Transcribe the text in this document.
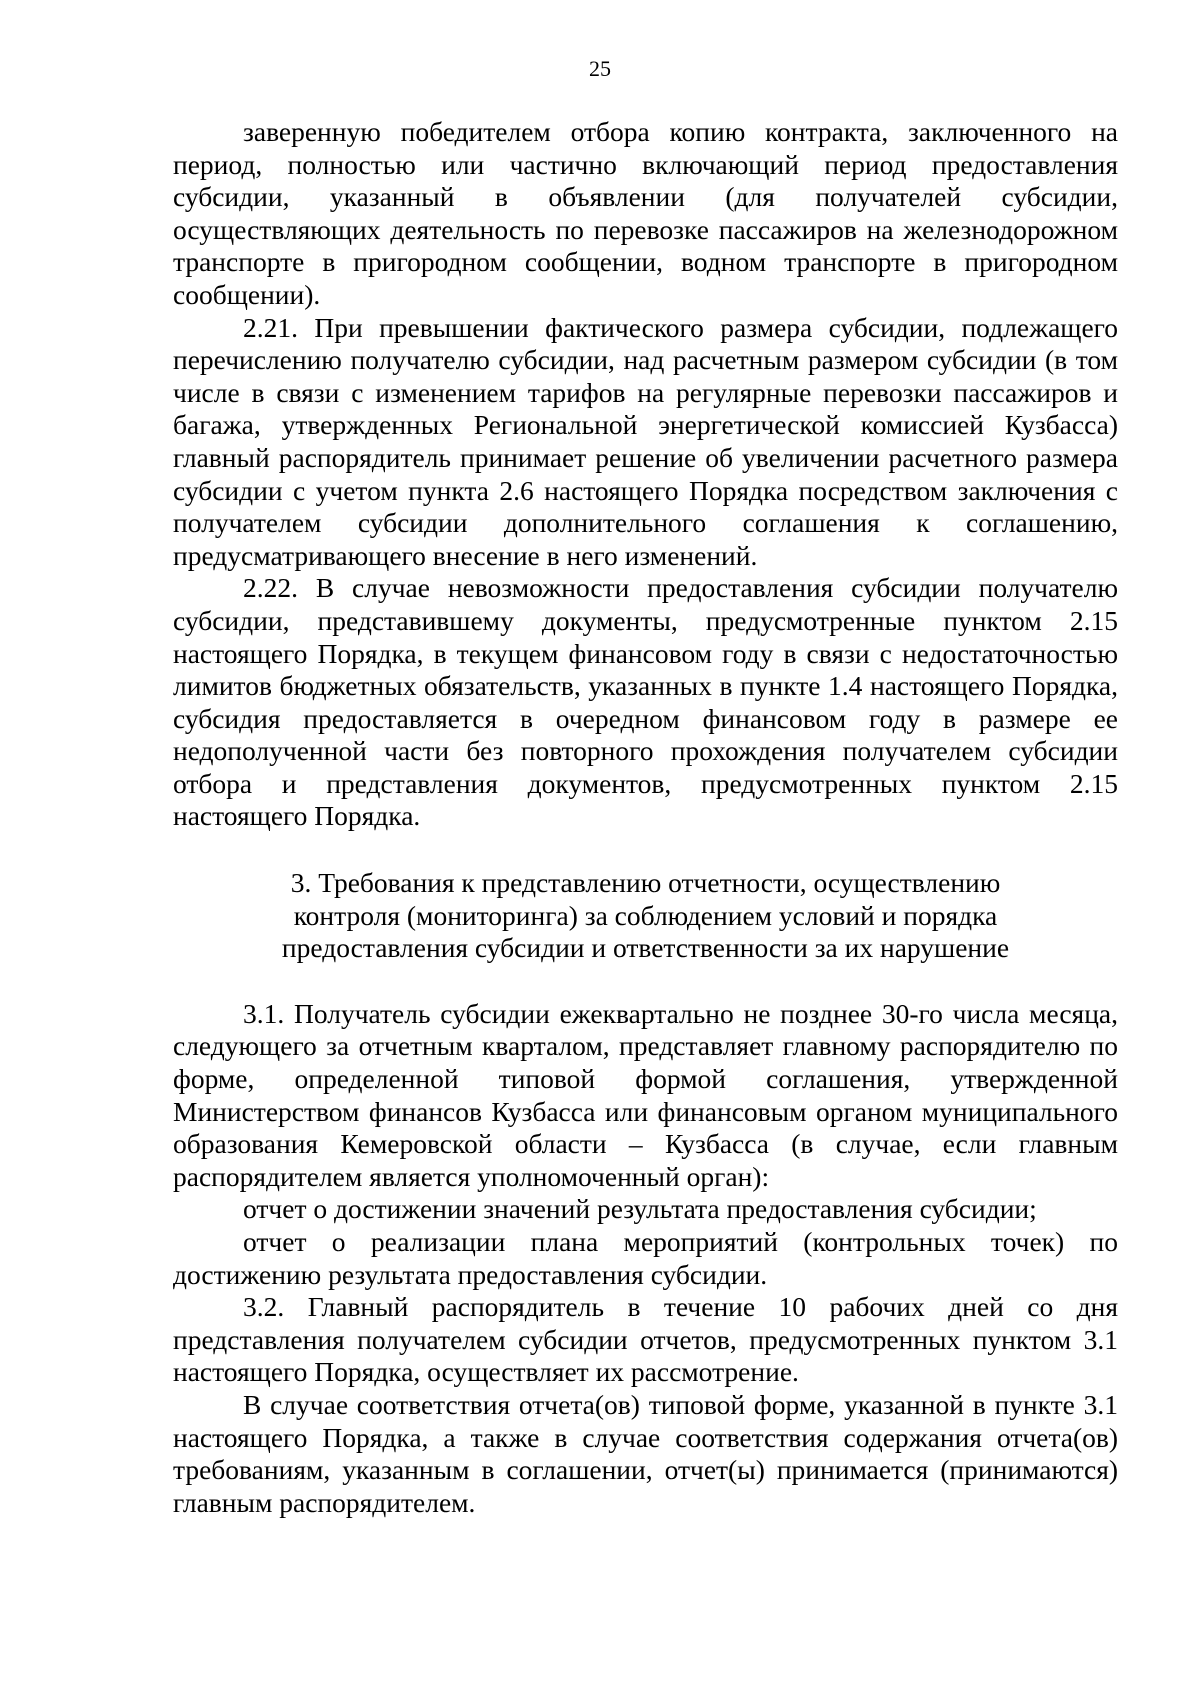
25

заверенную победителем отбора копию контракта, заключенного на период, полностью или частично включающий период предоставления субсидии, указанный в объявлении (для получателей субсидии, осуществляющих деятельность по перевозке пассажиров на железнодорожном транспорте в пригородном сообщении, водном транспорте в пригородном сообщении).

2.21. При превышении фактического размера субсидии, подлежащего перечислению получателю субсидии, над расчетным размером субсидии (в том числе в связи с изменением тарифов на регулярные перевозки пассажиров и багажа, утвержденных Региональной энергетической комиссией Кузбасса) главный распорядитель принимает решение об увеличении расчетного размера субсидии с учетом пункта 2.6 настоящего Порядка посредством заключения с получателем субсидии дополнительного соглашения к соглашению, предусматривающего внесение в него изменений.

2.22. В случае невозможности предоставления субсидии получателю субсидии, представившему документы, предусмотренные пунктом 2.15 настоящего Порядка, в текущем финансовом году в связи с недостаточностью лимитов бюджетных обязательств, указанных в пункте 1.4 настоящего Порядка, субсидия предоставляется в очередном финансовом году в размере ее недополученной части без повторного прохождения получателем субсидии отбора и представления документов, предусмотренных пунктом 2.15 настоящего Порядка.

3. Требования к представлению отчетности, осуществлению
контроля (мониторинга) за соблюдением условий и порядка
предоставления субсидии и ответственности за их нарушение

3.1. Получатель субсидии ежеквартально не позднее 30-го числа месяца, следующего за отчетным кварталом, представляет главному распорядителю по форме, определенной типовой формой соглашения, утвержденной Министерством финансов Кузбасса или финансовым органом муниципального образования Кемеровской области – Кузбасса (в случае, если главным распорядителем является уполномоченный орган):

отчет о достижении значений результата предоставления субсидии;

отчет о реализации плана мероприятий (контрольных точек) по достижению результата предоставления субсидии.

3.2. Главный распорядитель в течение 10 рабочих дней со дня представления получателем субсидии отчетов, предусмотренных пунктом 3.1 настоящего Порядка, осуществляет их рассмотрение.

В случае соответствия отчета(ов) типовой форме, указанной в пункте 3.1 настоящего Порядка, а также в случае соответствия содержания отчета(ов) требованиям, указанным в соглашении, отчет(ы) принимается (принимаются) главным распорядителем.
